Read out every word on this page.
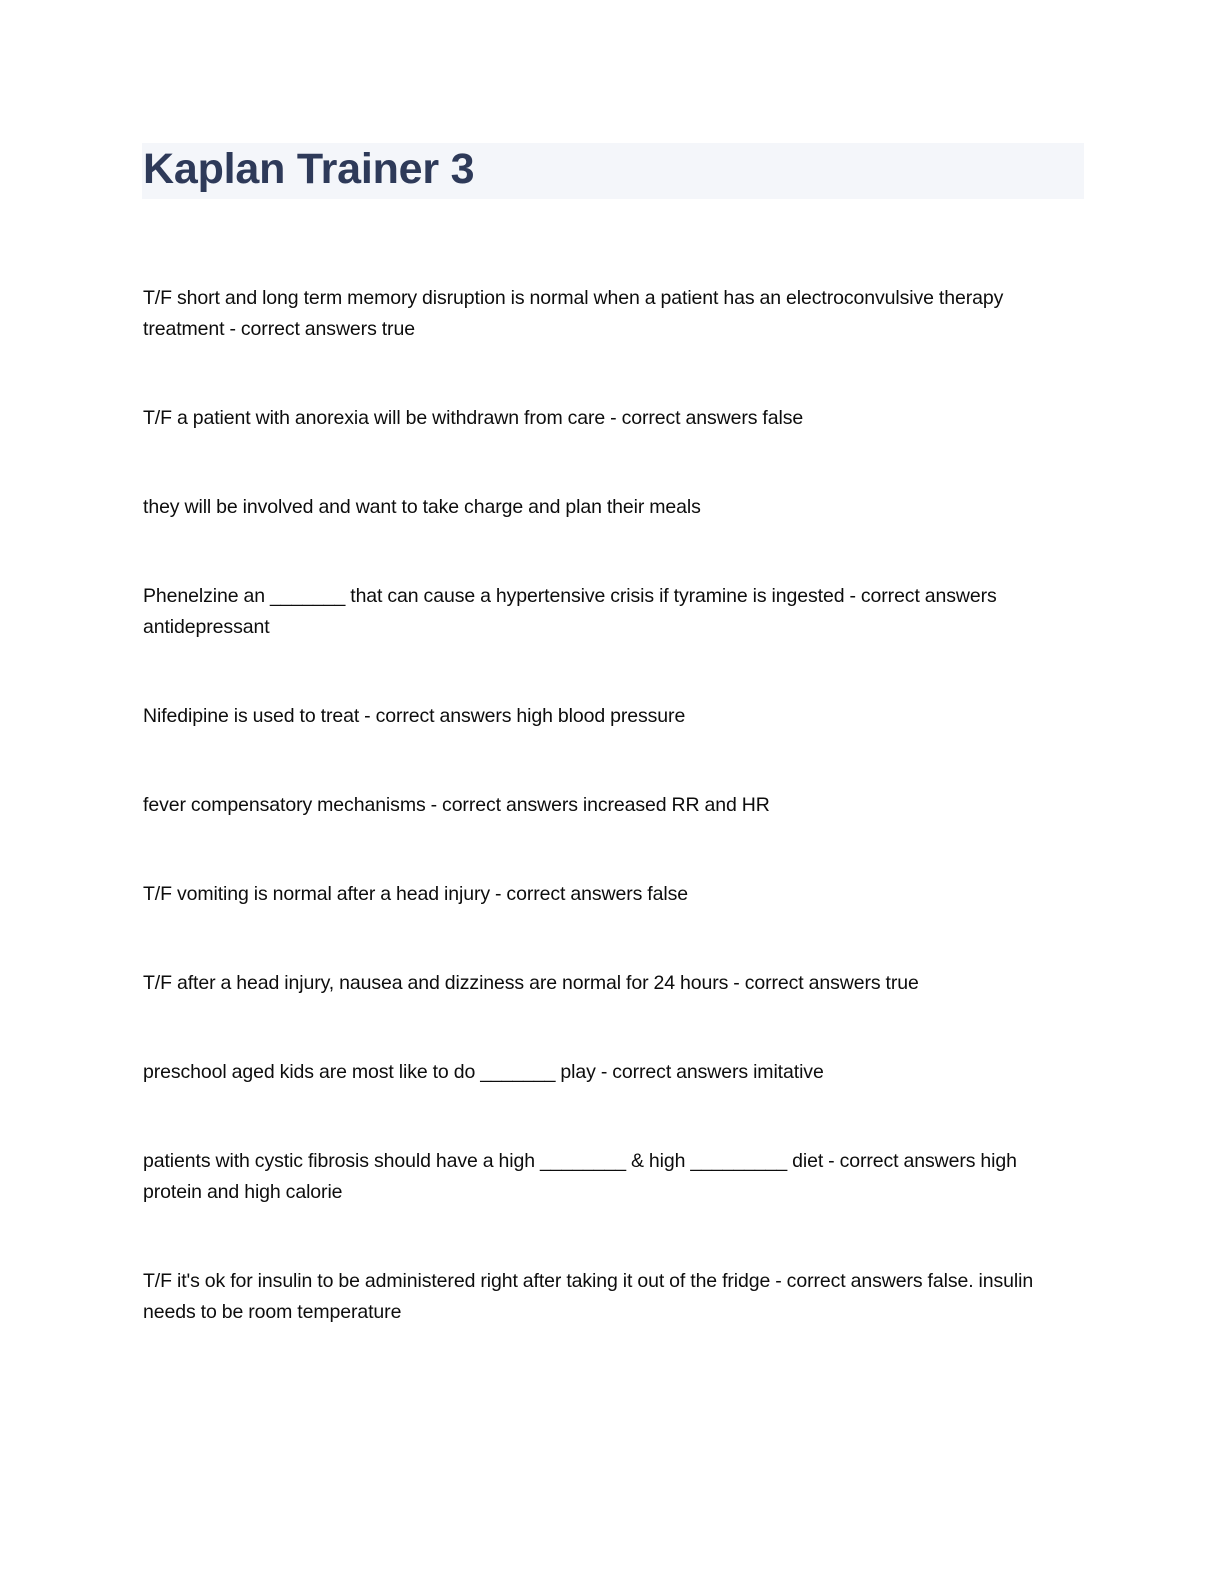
Kaplan Trainer 3

T/F short and long term memory disruption is normal when a patient has an electroconvulsive therapy treatment - correct answers true

T/F a patient with anorexia will be withdrawn from care - correct answers false

they will be involved and want to take charge and plan their meals

Phenelzine an _______ that can cause a hypertensive crisis if tyramine is ingested - correct answers antidepressant

Nifedipine is used to treat - correct answers high blood pressure

fever compensatory mechanisms - correct answers increased RR and HR

T/F vomiting is normal after a head injury - correct answers false

T/F after a head injury, nausea and dizziness are normal for 24 hours - correct answers true

preschool aged kids are most like to do _______ play - correct answers imitative

patients with cystic fibrosis should have a high ________ & high _________ diet - correct answers high protein and high calorie

T/F it's ok for insulin to be administered right after taking it out of the fridge - correct answers false. insulin needs to be room temperature
